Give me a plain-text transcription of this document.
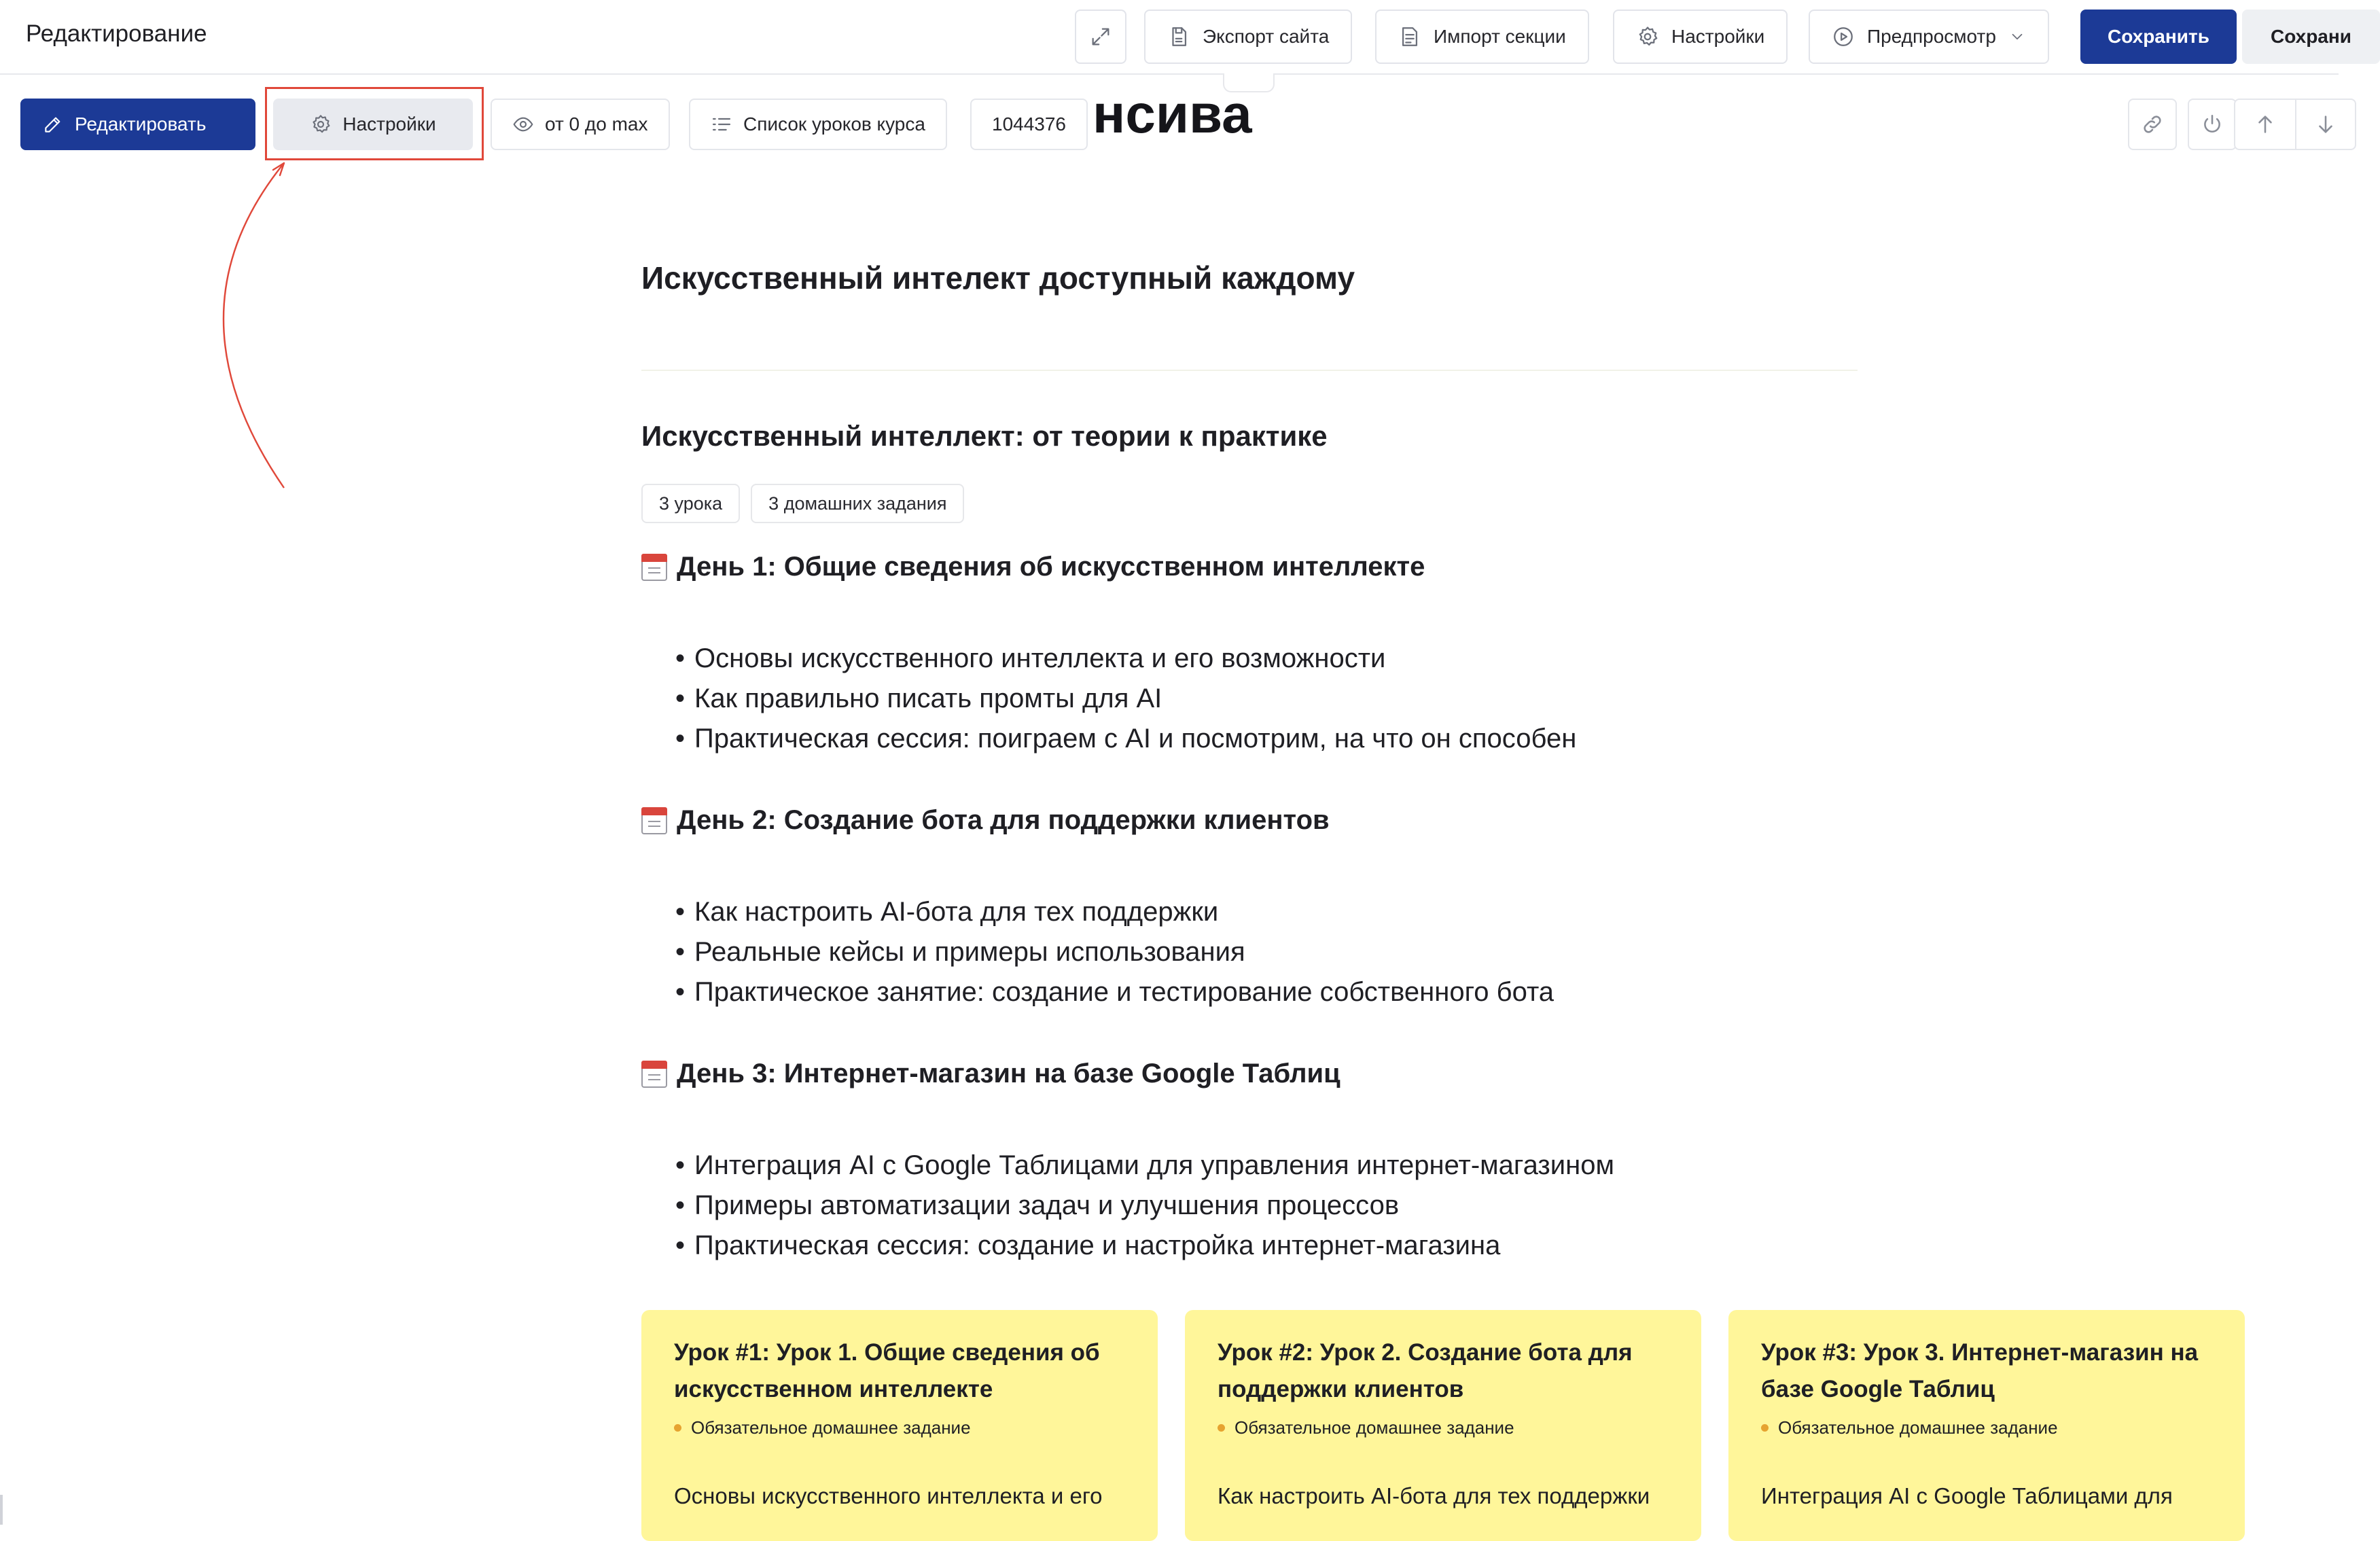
Редактирование	Экспорт сайта	Импорт секции	Настройки	Предпросмотр	Сохранить	Сохрани
нсива
Редактировать	Настройки	от 0 до max	Список уроков курса	1044376
Искусственный интелект доступный каждому
Искусственный интеллект: от теории к практике
3 урока	3 домашних задания
День 1: Общие сведения об искусственном интеллекте
• Основы искусственного интеллекта и его возможности
• Как правильно писать промты для AI
• Практическая сессия: поиграем с AI и посмотрим, на что он способен
День 2: Создание бота для поддержки клиентов
• Как настроить AI-бота для тех поддержки
• Реальные кейсы и примеры использования
• Практическое занятие: создание и тестирование собственного бота
День 3: Интернет-магазин на базе Google Таблиц
• Интеграция AI с Google Таблицами для управления интернет-магазином
• Примеры автоматизации задач и улучшения процессов
• Практическая сессия: создание и настройка интернет-магазина
Урок #1: Урок 1. Общие сведения об искусственном интеллекте
Обязательное домашнее задание
Основы искусственного интеллекта и его
Урок #2: Урок 2. Создание бота для поддержки клиентов
Обязательное домашнее задание
Как настроить AI-бота для тех поддержки
Урок #3: Урок 3. Интернет-магазин на базе Google Таблиц
Обязательное домашнее задание
Интеграция AI с Google Таблицами для
